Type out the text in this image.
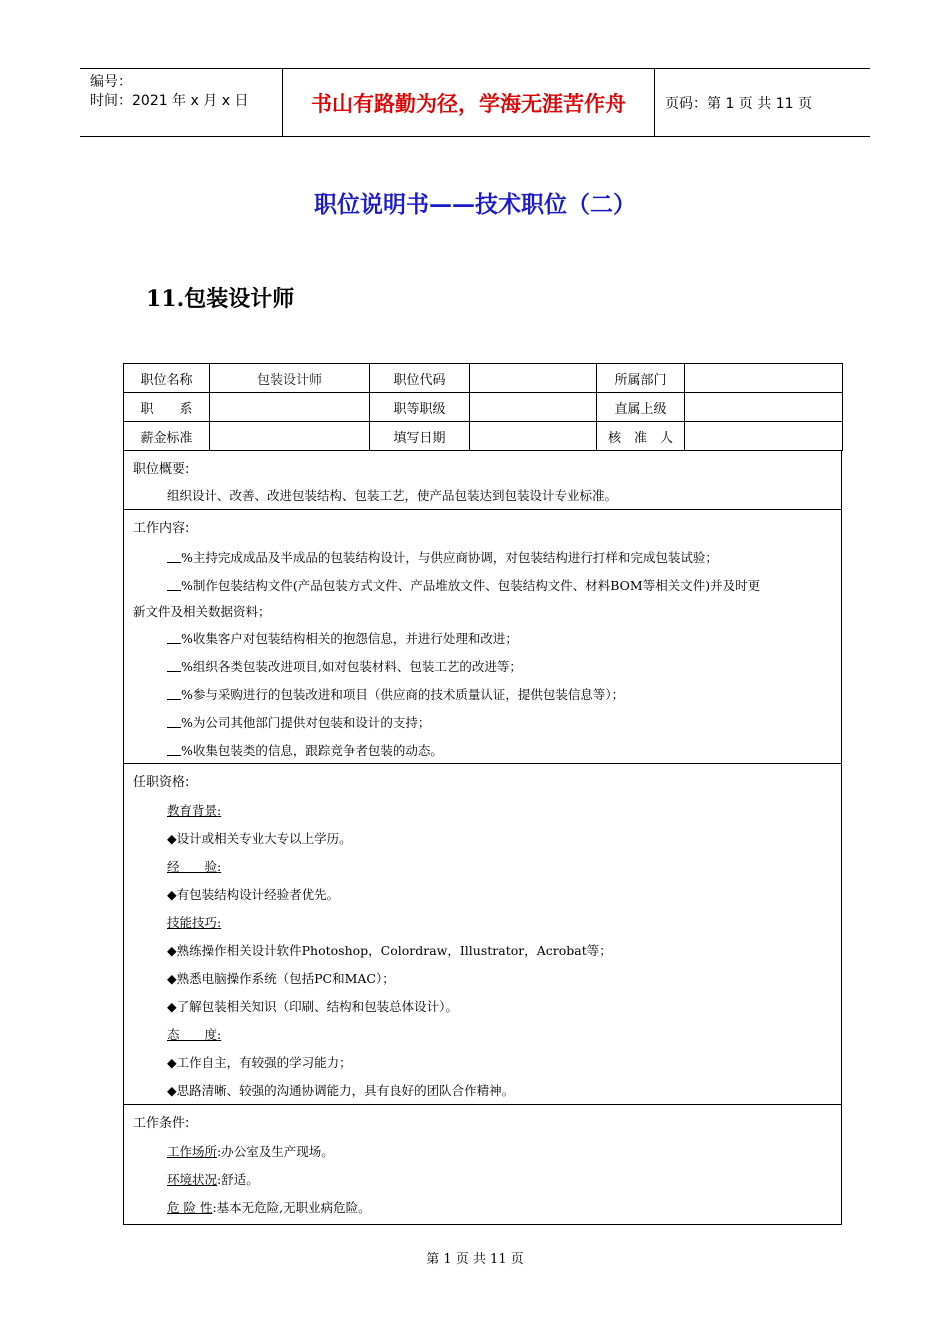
编号：
时间：2021 年 x 月 x 日	书山有路勤为径，学海无涯苦作舟	页码：第 1 页 共 11 页
职位说明书——技术职位（二）
11.包装设计师
职位名称	包装设计师	职位代码		所属部门	
职　　系		职等职级		直属上级	
薪金标准		填写日期		核　准　人	
职位概要:
组织设计、改善、改进包装结构、包装工艺，使产品包装达到包装设计专业标准。
工作内容:
%主持完成成品及半成品的包装结构设计，与供应商协调，对包装结构进行打样和完成包装试验；
%制作包装结构文件(产品包装方式文件、产品堆放文件、包装结构文件、材料BOM等相关文件)并及时更
新文件及相关数据资料；
%收集客户对包装结构相关的抱怨信息，并进行处理和改进；
%组织各类包装改进项目,如对包装材料、包装工艺的改进等；
%参与采购进行的包装改进和项目（供应商的技术质量认证，提供包装信息等）；
%为公司其他部门提供对包装和设计的支持；
%收集包装类的信息，跟踪竞争者包装的动态。
任职资格:
教育背景:
◆设计或相关专业大专以上学历。
经　　验:
◆有包装结构设计经验者优先。
技能技巧:
◆熟练操作相关设计软件Photoshop，Colordraw，Illustrator，Acrobat等；
◆熟悉电脑操作系统（包括PC和MAC）；
◆了解包装相关知识（印刷、结构和包装总体设计）。
态　　度:
◆工作自主，有较强的学习能力；
◆思路清晰、较强的沟通协调能力，具有良好的团队合作精神。
工作条件:
工作场所:办公室及生产现场。
环境状况:舒适。
危 险 性:基本无危险,无职业病危险。
第 1 页 共 11 页
